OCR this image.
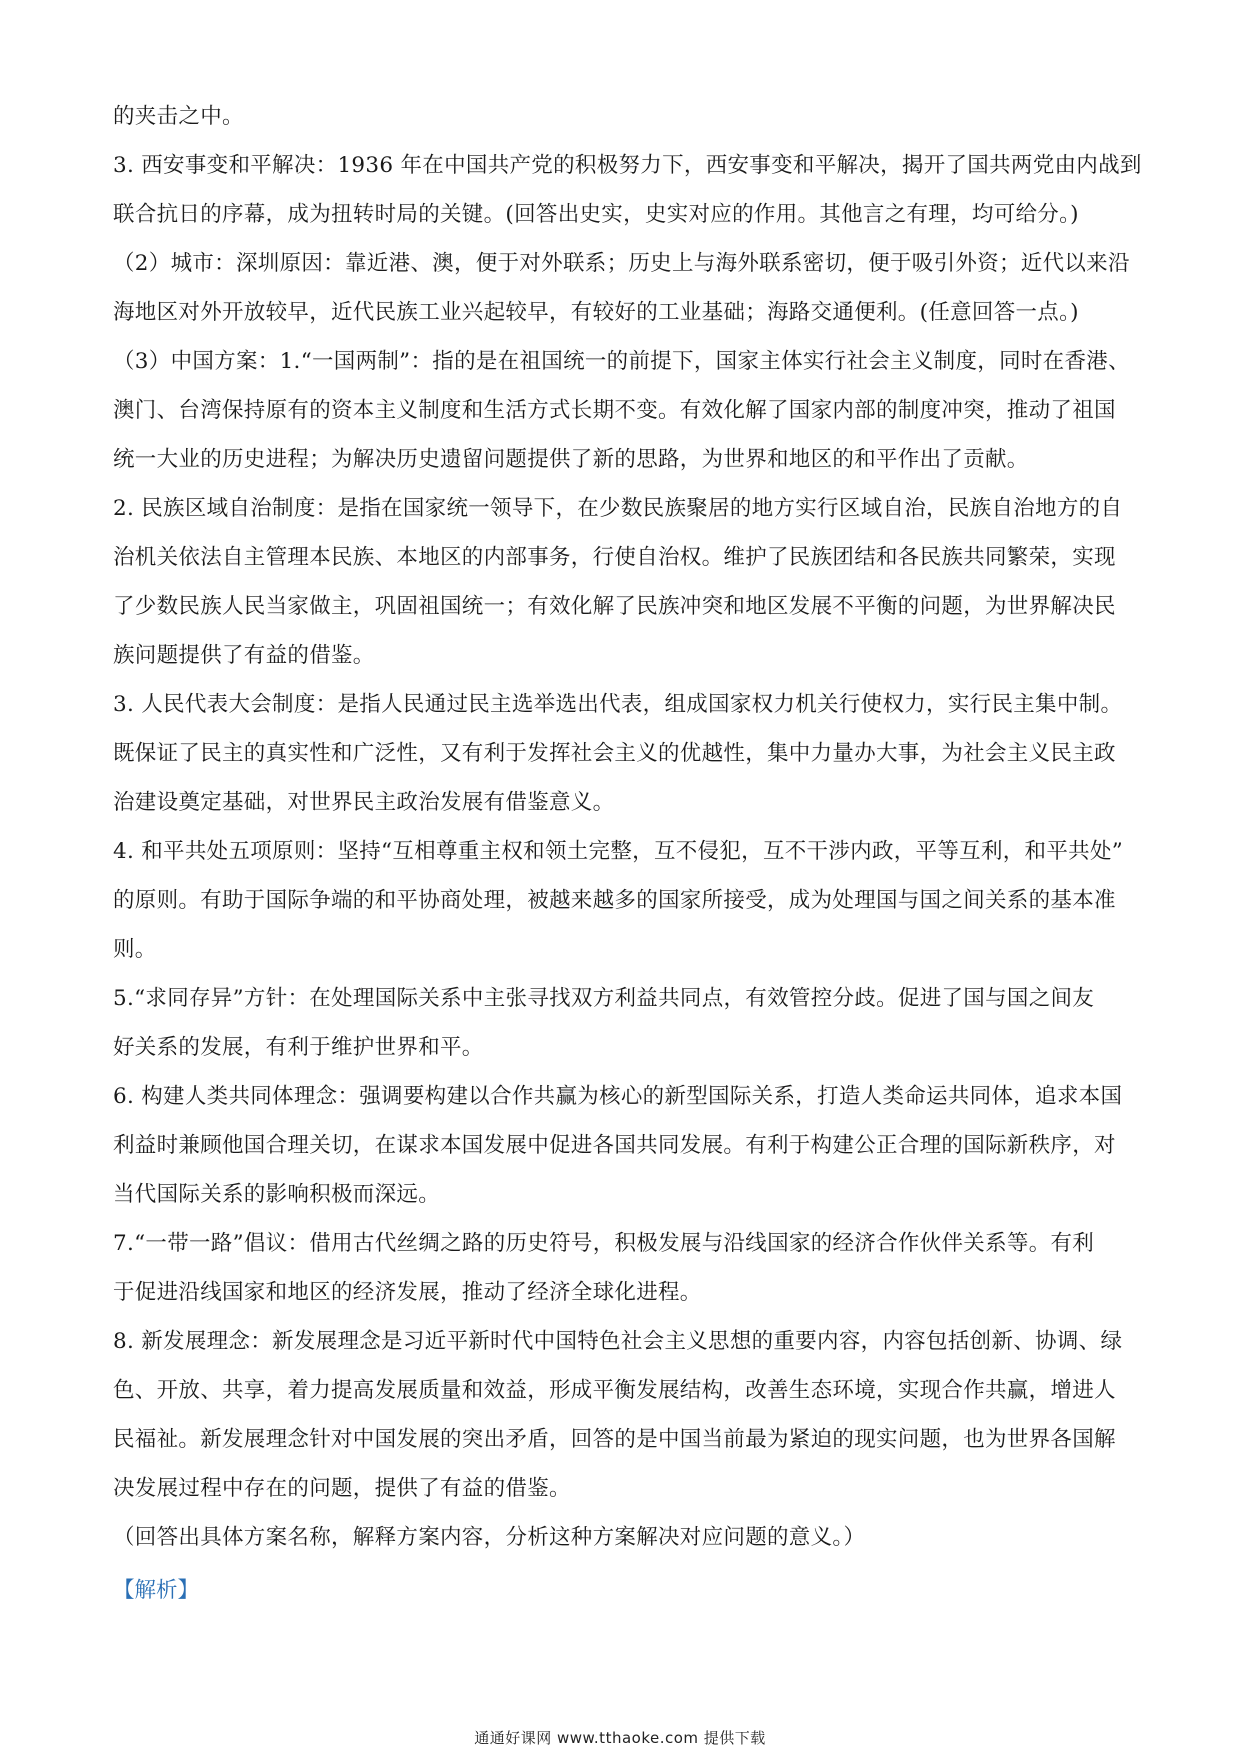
的夹击之中。
3. 西安事变和平解决：1936 年在中国共产党的积极努力下，西安事变和平解决，揭开了国共两党由内战到
联合抗日的序幕，成为扭转时局的关键。(回答出史实，史实对应的作用。其他言之有理，均可给分。)
（2）城市：深圳原因：靠近港、澳，便于对外联系；历史上与海外联系密切，便于吸引外资；近代以来沿
海地区对外开放较早，近代民族工业兴起较早，有较好的工业基础；海路交通便利。(任意回答一点。)
（3）中国方案：1.“一国两制”：指的是在祖国统一的前提下，国家主体实行社会主义制度，同时在香港、
澳门、台湾保持原有的资本主义制度和生活方式长期不变。有效化解了国家内部的制度冲突，推动了祖国
统一大业的历史进程；为解决历史遗留问题提供了新的思路，为世界和地区的和平作出了贡献。
2. 民族区域自治制度：是指在国家统一领导下，在少数民族聚居的地方实行区域自治，民族自治地方的自
治机关依法自主管理本民族、本地区的内部事务，行使自治权。维护了民族团结和各民族共同繁荣，实现
了少数民族人民当家做主，巩固祖国统一；有效化解了民族冲突和地区发展不平衡的问题，为世界解决民
族问题提供了有益的借鉴。
3. 人民代表大会制度：是指人民通过民主选举选出代表，组成国家权力机关行使权力，实行民主集中制。
既保证了民主的真实性和广泛性，又有利于发挥社会主义的优越性，集中力量办大事，为社会主义民主政
治建设奠定基础，对世界民主政治发展有借鉴意义。
4. 和平共处五项原则：坚持“互相尊重主权和领土完整，互不侵犯，互不干涉内政，平等互利，和平共处”
的原则。有助于国际争端的和平协商处理，被越来越多的国家所接受，成为处理国与国之间关系的基本准
则。
5.“求同存异”方针：在处理国际关系中主张寻找双方利益共同点，有效管控分歧。促进了国与国之间友
好关系的发展，有利于维护世界和平。
6. 构建人类共同体理念：强调要构建以合作共赢为核心的新型国际关系，打造人类命运共同体，追求本国
利益时兼顾他国合理关切，在谋求本国发展中促进各国共同发展。有利于构建公正合理的国际新秩序，对
当代国际关系的影响积极而深远。
7.“一带一路”倡议：借用古代丝绸之路的历史符号，积极发展与沿线国家的经济合作伙伴关系等。有利
于促进沿线国家和地区的经济发展，推动了经济全球化进程。
8. 新发展理念：新发展理念是习近平新时代中国特色社会主义思想的重要内容，内容包括创新、协调、绿
色、开放、共享，着力提高发展质量和效益，形成平衡发展结构，改善生态环境，实现合作共赢，增进人
民福祉。新发展理念针对中国发展的突出矛盾，回答的是中国当前最为紧迫的现实问题，也为世界各国解
决发展过程中存在的问题，提供了有益的借鉴。
（回答出具体方案名称，解释方案内容，分析这种方案解决对应问题的意义。）
【解析】
通通好课网 www.tthaoke.com 提供下载
